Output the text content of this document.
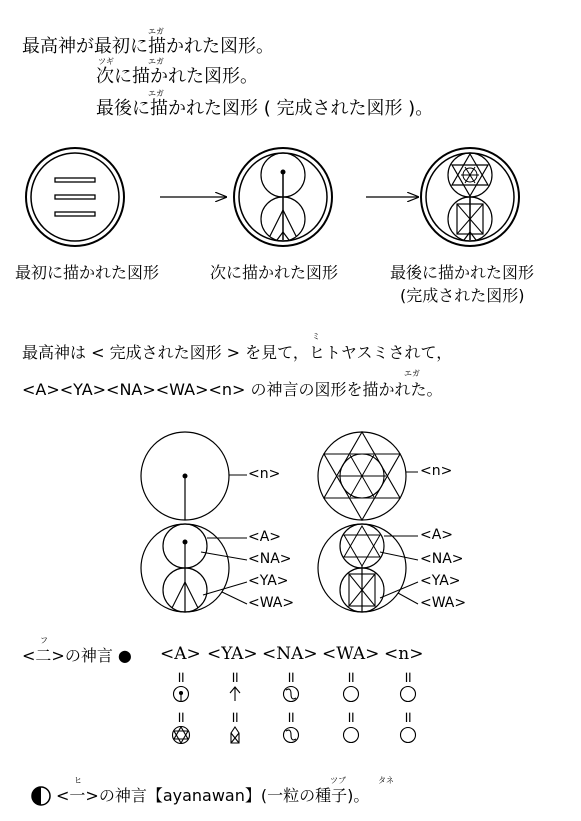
エガ
最高神が最初に描かれた図形。
ツギ	エガ
次に描かれた図形。
エガ
最後に描かれた図形 ( 完成された図形 )。
最初に描かれた図形	次に描かれた図形	最後に描かれた図形
(完成された図形)
ミ
最高神は < 完成された図形 > を見て，ヒトヤスミされて，
エガ
<A><YA><NA><WA><n> の神言の図形を描かれた。
<n>
<A>
<NA>
<YA>
<WA>
<n>
<A>
<NA>
<YA>
<WA>
フ
<二>の神言 ● <A> <YA> <NA> <WA> <n>
॥	॥	॥	॥	॥
॥	॥	॥	॥	॥
ヒ	ツブ	タネ
<一>の神言【ayanawan】(一粒の種子)。
